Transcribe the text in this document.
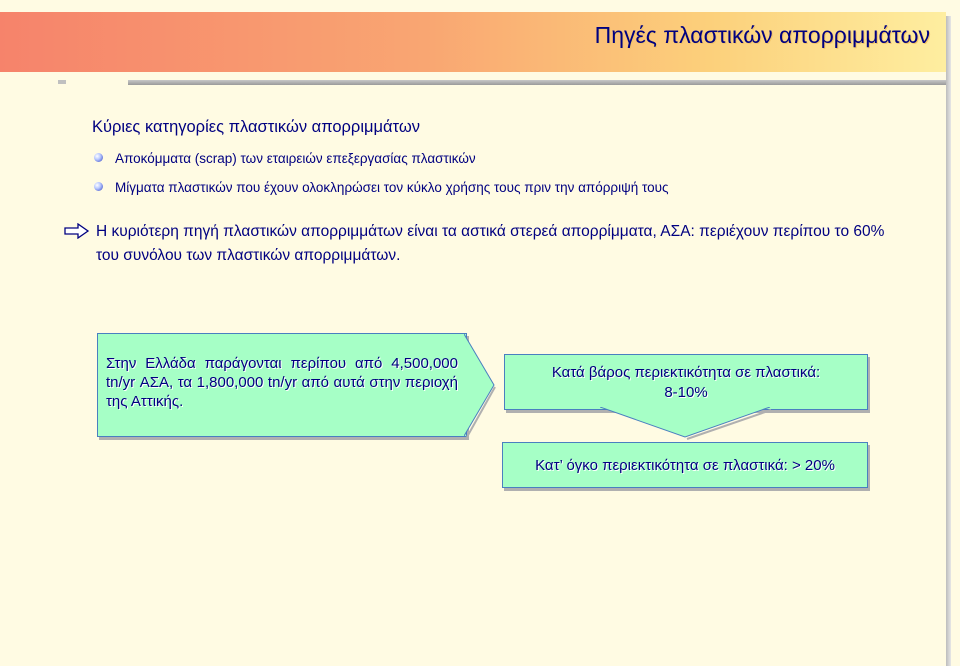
Πηγές πλαστικών απορριμμάτων
Κύριες κατηγορίες πλαστικών απορριμμάτων
Αποκόμματα (scrap) των εταιρειών επεξεργασίας πλαστικών
Μίγματα πλαστικών που έχουν ολοκληρώσει τον κύκλο χρήσης τους πριν την απόρριψή τους
Η κυριότερη πηγή πλαστικών απορριμμάτων είναι τα αστικά στερεά απορρίμματα, ΑΣΑ: περιέχουν περίπου το 60% του συνόλου των πλαστικών απορριμμάτων.
Στην Ελλάδα παράγονται περίπου από 4,500,000 tn/yr ΑΣΑ, τα 1,800,000 tn/yr από αυτά στην περιοχή της Αττικής.
Κατά βάρος περιεκτικότητα σε πλαστικά:
8-10%
Κατ’ όγκο περιεκτικότητα σε πλαστικά: > 20%
